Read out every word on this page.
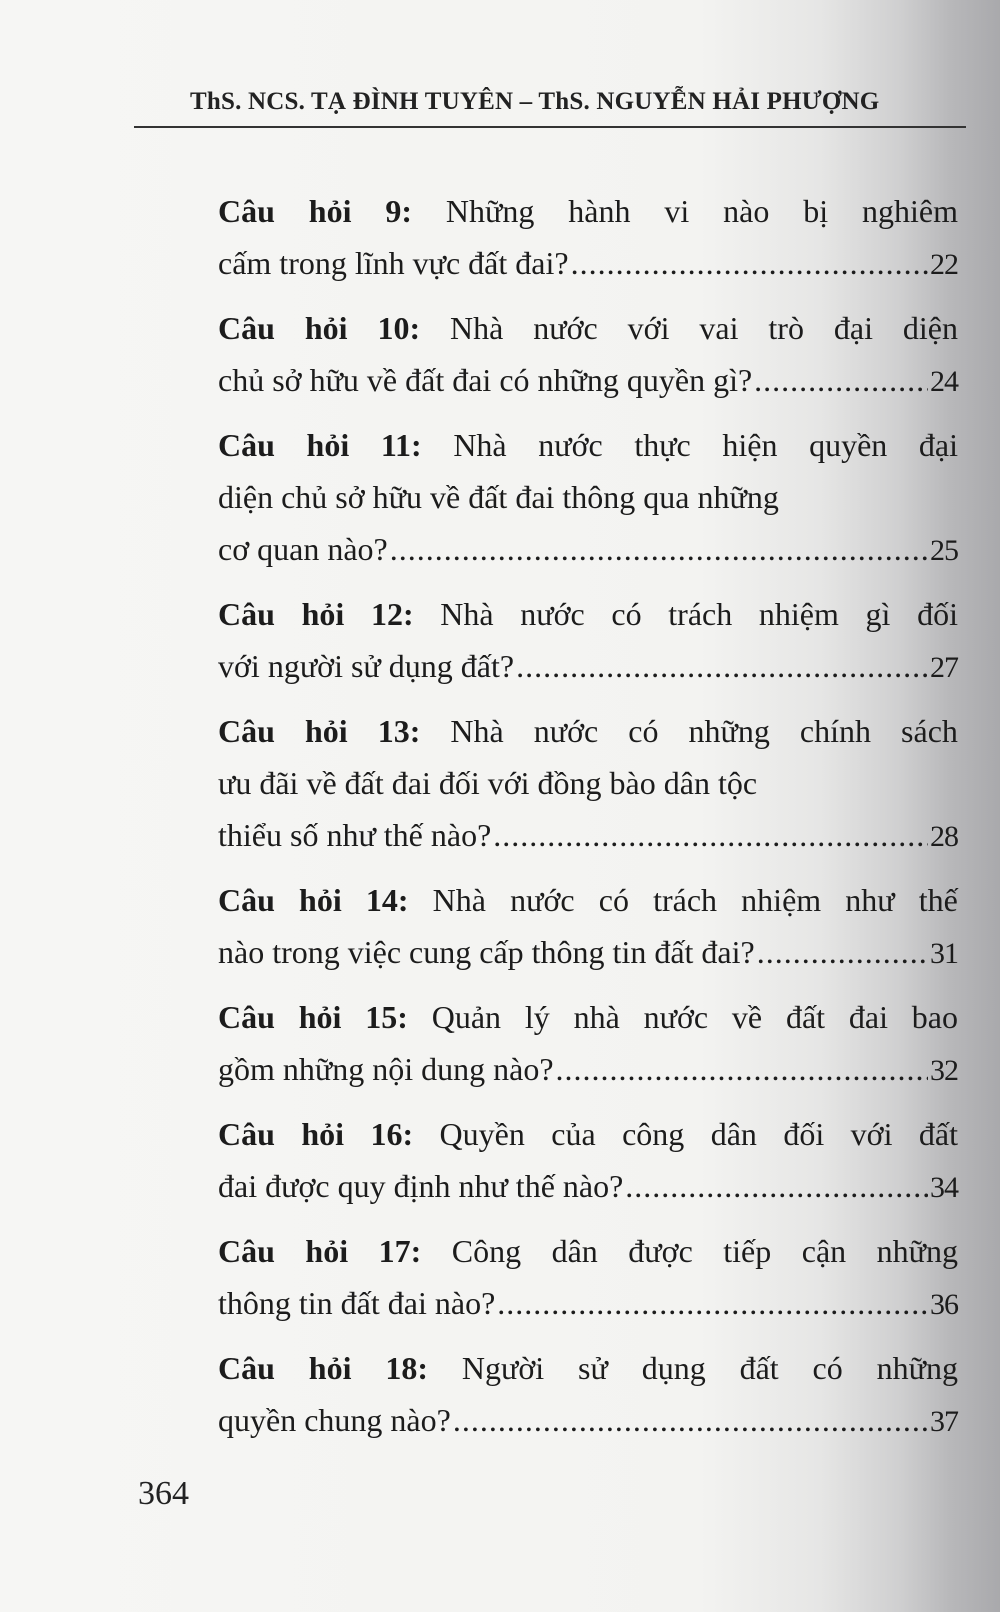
ThS. NCS. TẠ ĐÌNH TUYÊN – ThS. NGUYỄN HẢI PHƯỢNG
Câu hỏi 9: Những hành vi nào bị nghiêm
cấm trong lĩnh vực đất đai? .....	22
Câu hỏi 10: Nhà nước với vai trò đại diện
chủ sở hữu về đất đai có những quyền gì? .....	24
Câu hỏi 11: Nhà nước thực hiện quyền đại
diện chủ sở hữu về đất đai thông qua những
cơ quan nào? .....	25
Câu hỏi 12: Nhà nước có trách nhiệm gì đối
với người sử dụng đất? .....	27
Câu hỏi 13: Nhà nước có những chính sách
ưu đãi về đất đai đối với đồng bào dân tộc
thiểu số như thế nào? .....	28
Câu hỏi 14: Nhà nước có trách nhiệm như thế
nào trong việc cung cấp thông tin đất đai? .....	31
Câu hỏi 15: Quản lý nhà nước về đất đai bao
gồm những nội dung nào? .....	32
Câu hỏi 16: Quyền của công dân đối với đất
đai được quy định như thế nào? .....	34
Câu hỏi 17: Công dân được tiếp cận những
thông tin đất đai nào? .....	36
Câu hỏi 18: Người sử dụng đất có những
quyền chung nào? .....	37
364
